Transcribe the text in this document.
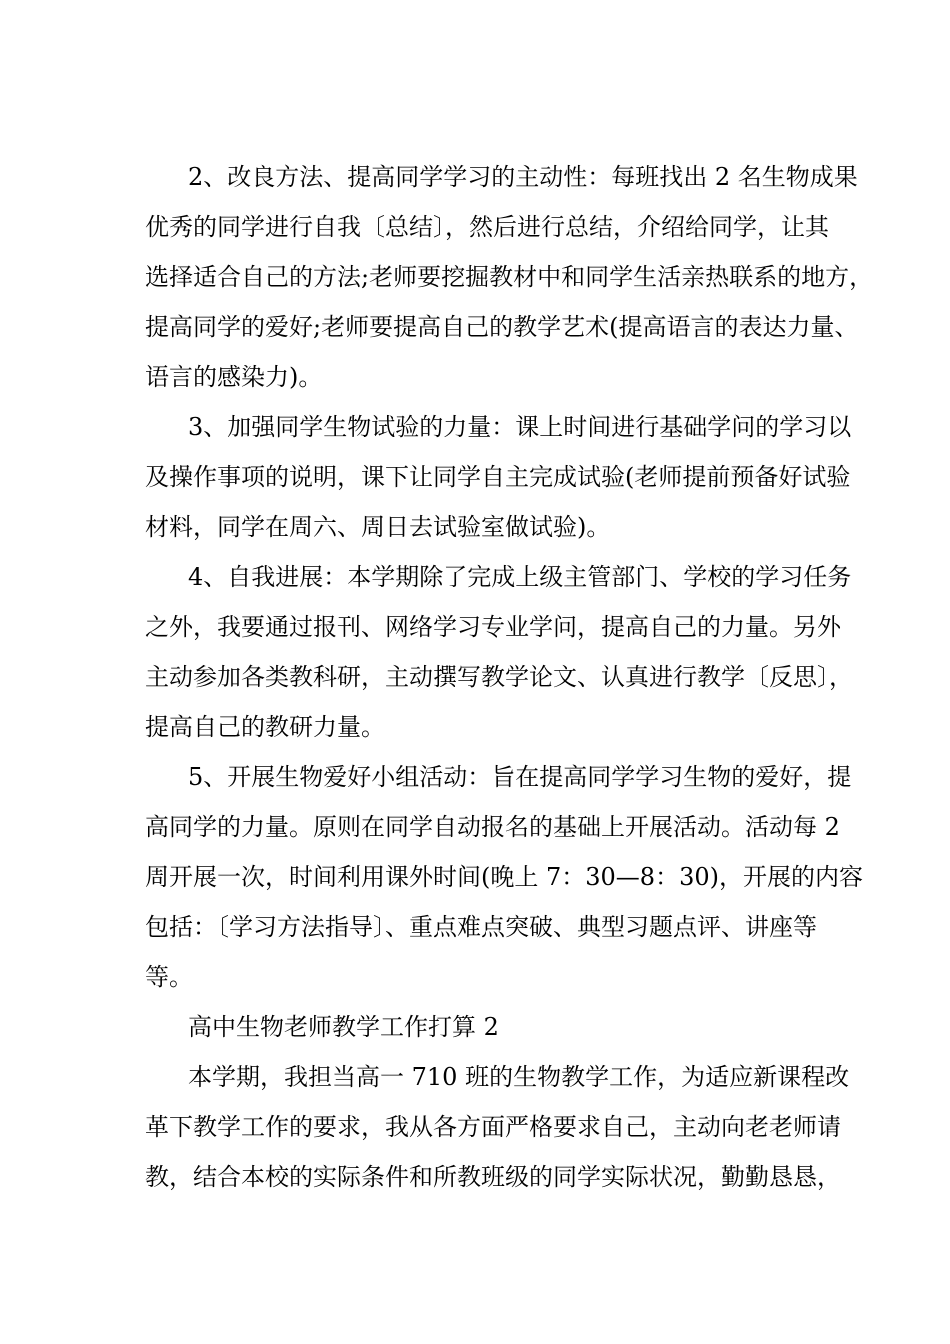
2、改良方法、提高同学学习的主动性：每班找出 2 名生物成果
优秀的同学进行自我〔总结〕，然后进行总结，介绍给同学，让其
选择适合自己的方法;老师要挖掘教材中和同学生活亲热联系的地方，
提高同学的爱好;老师要提高自己的教学艺术(提高语言的表达力量、
语言的感染力)。
3、加强同学生物试验的力量：课上时间进行基础学问的学习以
及操作事项的说明，课下让同学自主完成试验(老师提前预备好试验
材料，同学在周六、周日去试验室做试验)。
4、自我进展：本学期除了完成上级主管部门、学校的学习任务
之外，我要通过报刊、网络学习专业学问，提高自己的力量。另外
主动参加各类教科研，主动撰写教学论文、认真进行教学〔反思〕，
提高自己的教研力量。
5、开展生物爱好小组活动：旨在提高同学学习生物的爱好，提
高同学的力量。原则在同学自动报名的基础上开展活动。活动每 2
周开展一次，时间利用课外时间(晚上 7：30—8：30)，开展的内容
包括：〔学习方法指导〕、重点难点突破、典型习题点评、讲座等
等。
高中生物老师教学工作打算 2
本学期，我担当高一 710 班的生物教学工作，为适应新课程改
革下教学工作的要求，我从各方面严格要求自己，主动向老老师请
教，结合本校的实际条件和所教班级的同学实际状况，勤勤恳恳，
